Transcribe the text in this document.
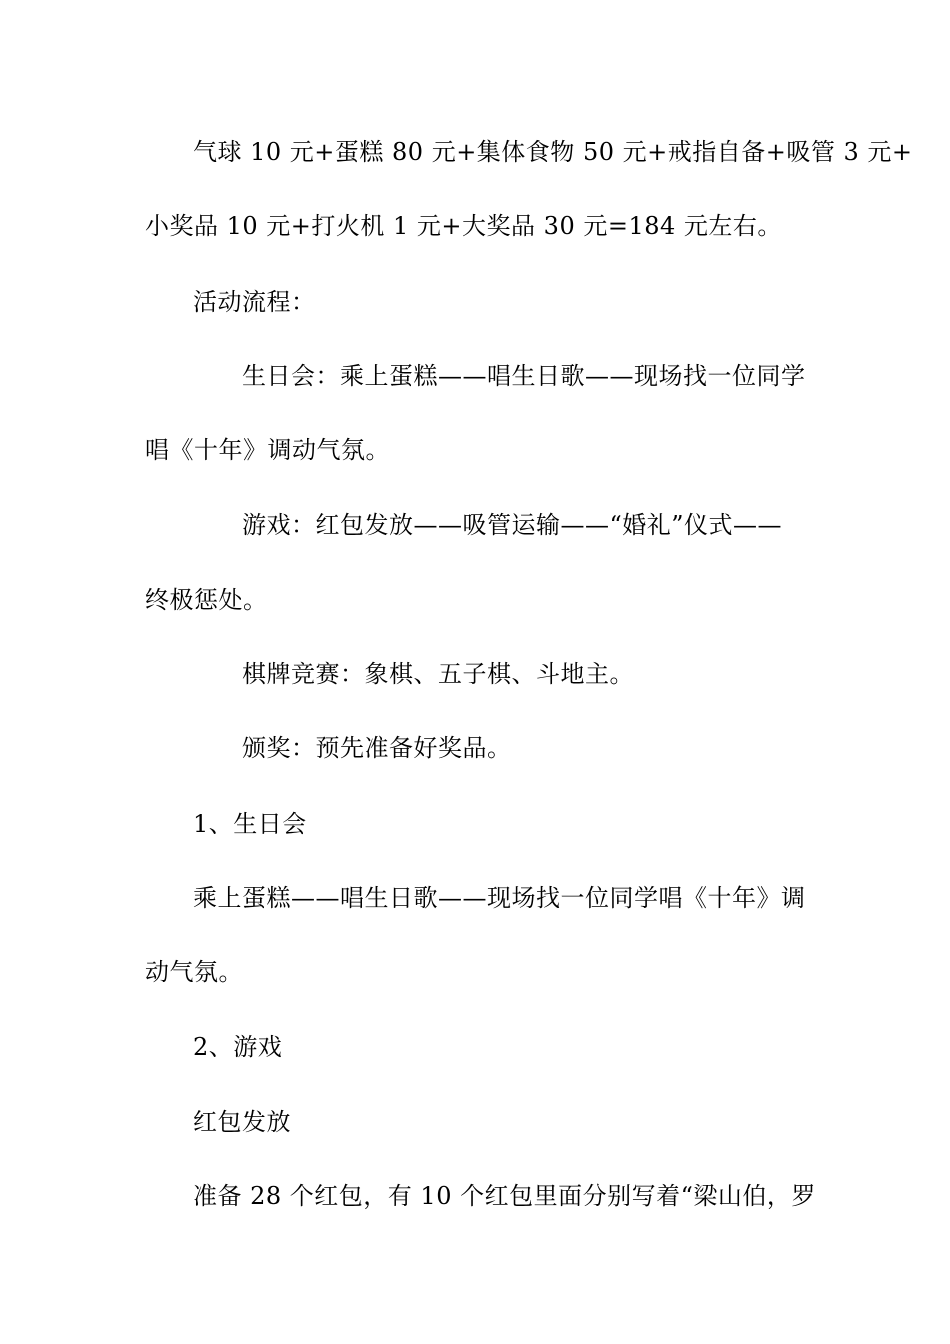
气球 10 元+蛋糕 80 元+集体食物 50 元+戒指自备+吸管 3 元+
小奖品 10 元+打火机 1 元+大奖品 30 元=184 元左右。
活动流程：
生日会：乘上蛋糕——唱生日歌——现场找一位同学
唱《十年》调动气氛。
游戏：红包发放——吸管运输——“婚礼”仪式——
终极惩处。
棋牌竞赛：象棋、五子棋、斗地主。
颁奖：预先准备好奖品。
1、生日会
乘上蛋糕——唱生日歌——现场找一位同学唱《十年》调
动气氛。
2、游戏
红包发放
准备 28 个红包，有 10 个红包里面分别写着“梁山伯，罗
